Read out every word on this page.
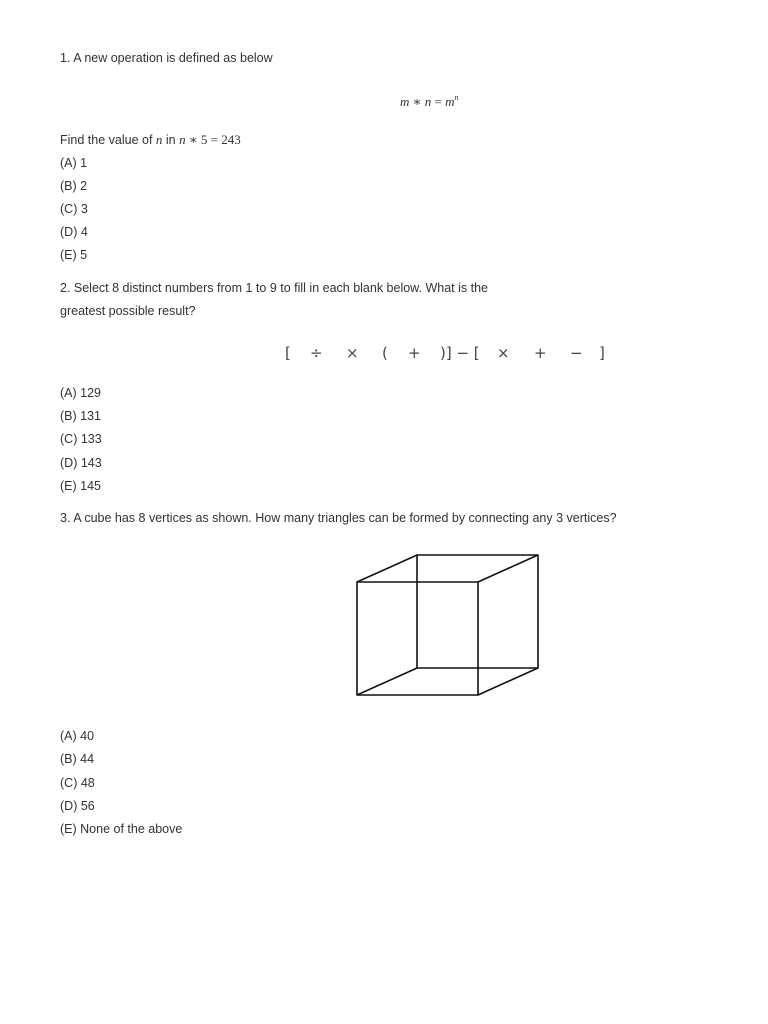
1. A new operation is defined as below
m ∗ $n = m^n$
Find the value of n in n ∗ 5 = 243
(A) 1
(B) 2
(C) 3
(D) 4
(E) 5
2. Select 8 distinct numbers from 1 to 9 to fill in each blank below. What is the
greatest possible result?
[ ÷ × ( + )] − [ × + − ]
(A) 129
(B) 131
(C) 133
(D) 143
(E) 145
3. A cube has 8 vertices as shown. How many triangles can be formed by connecting any 3 vertices?
(A) 40
(B) 44
(C) 48
(D) 56
(E) None of the above
